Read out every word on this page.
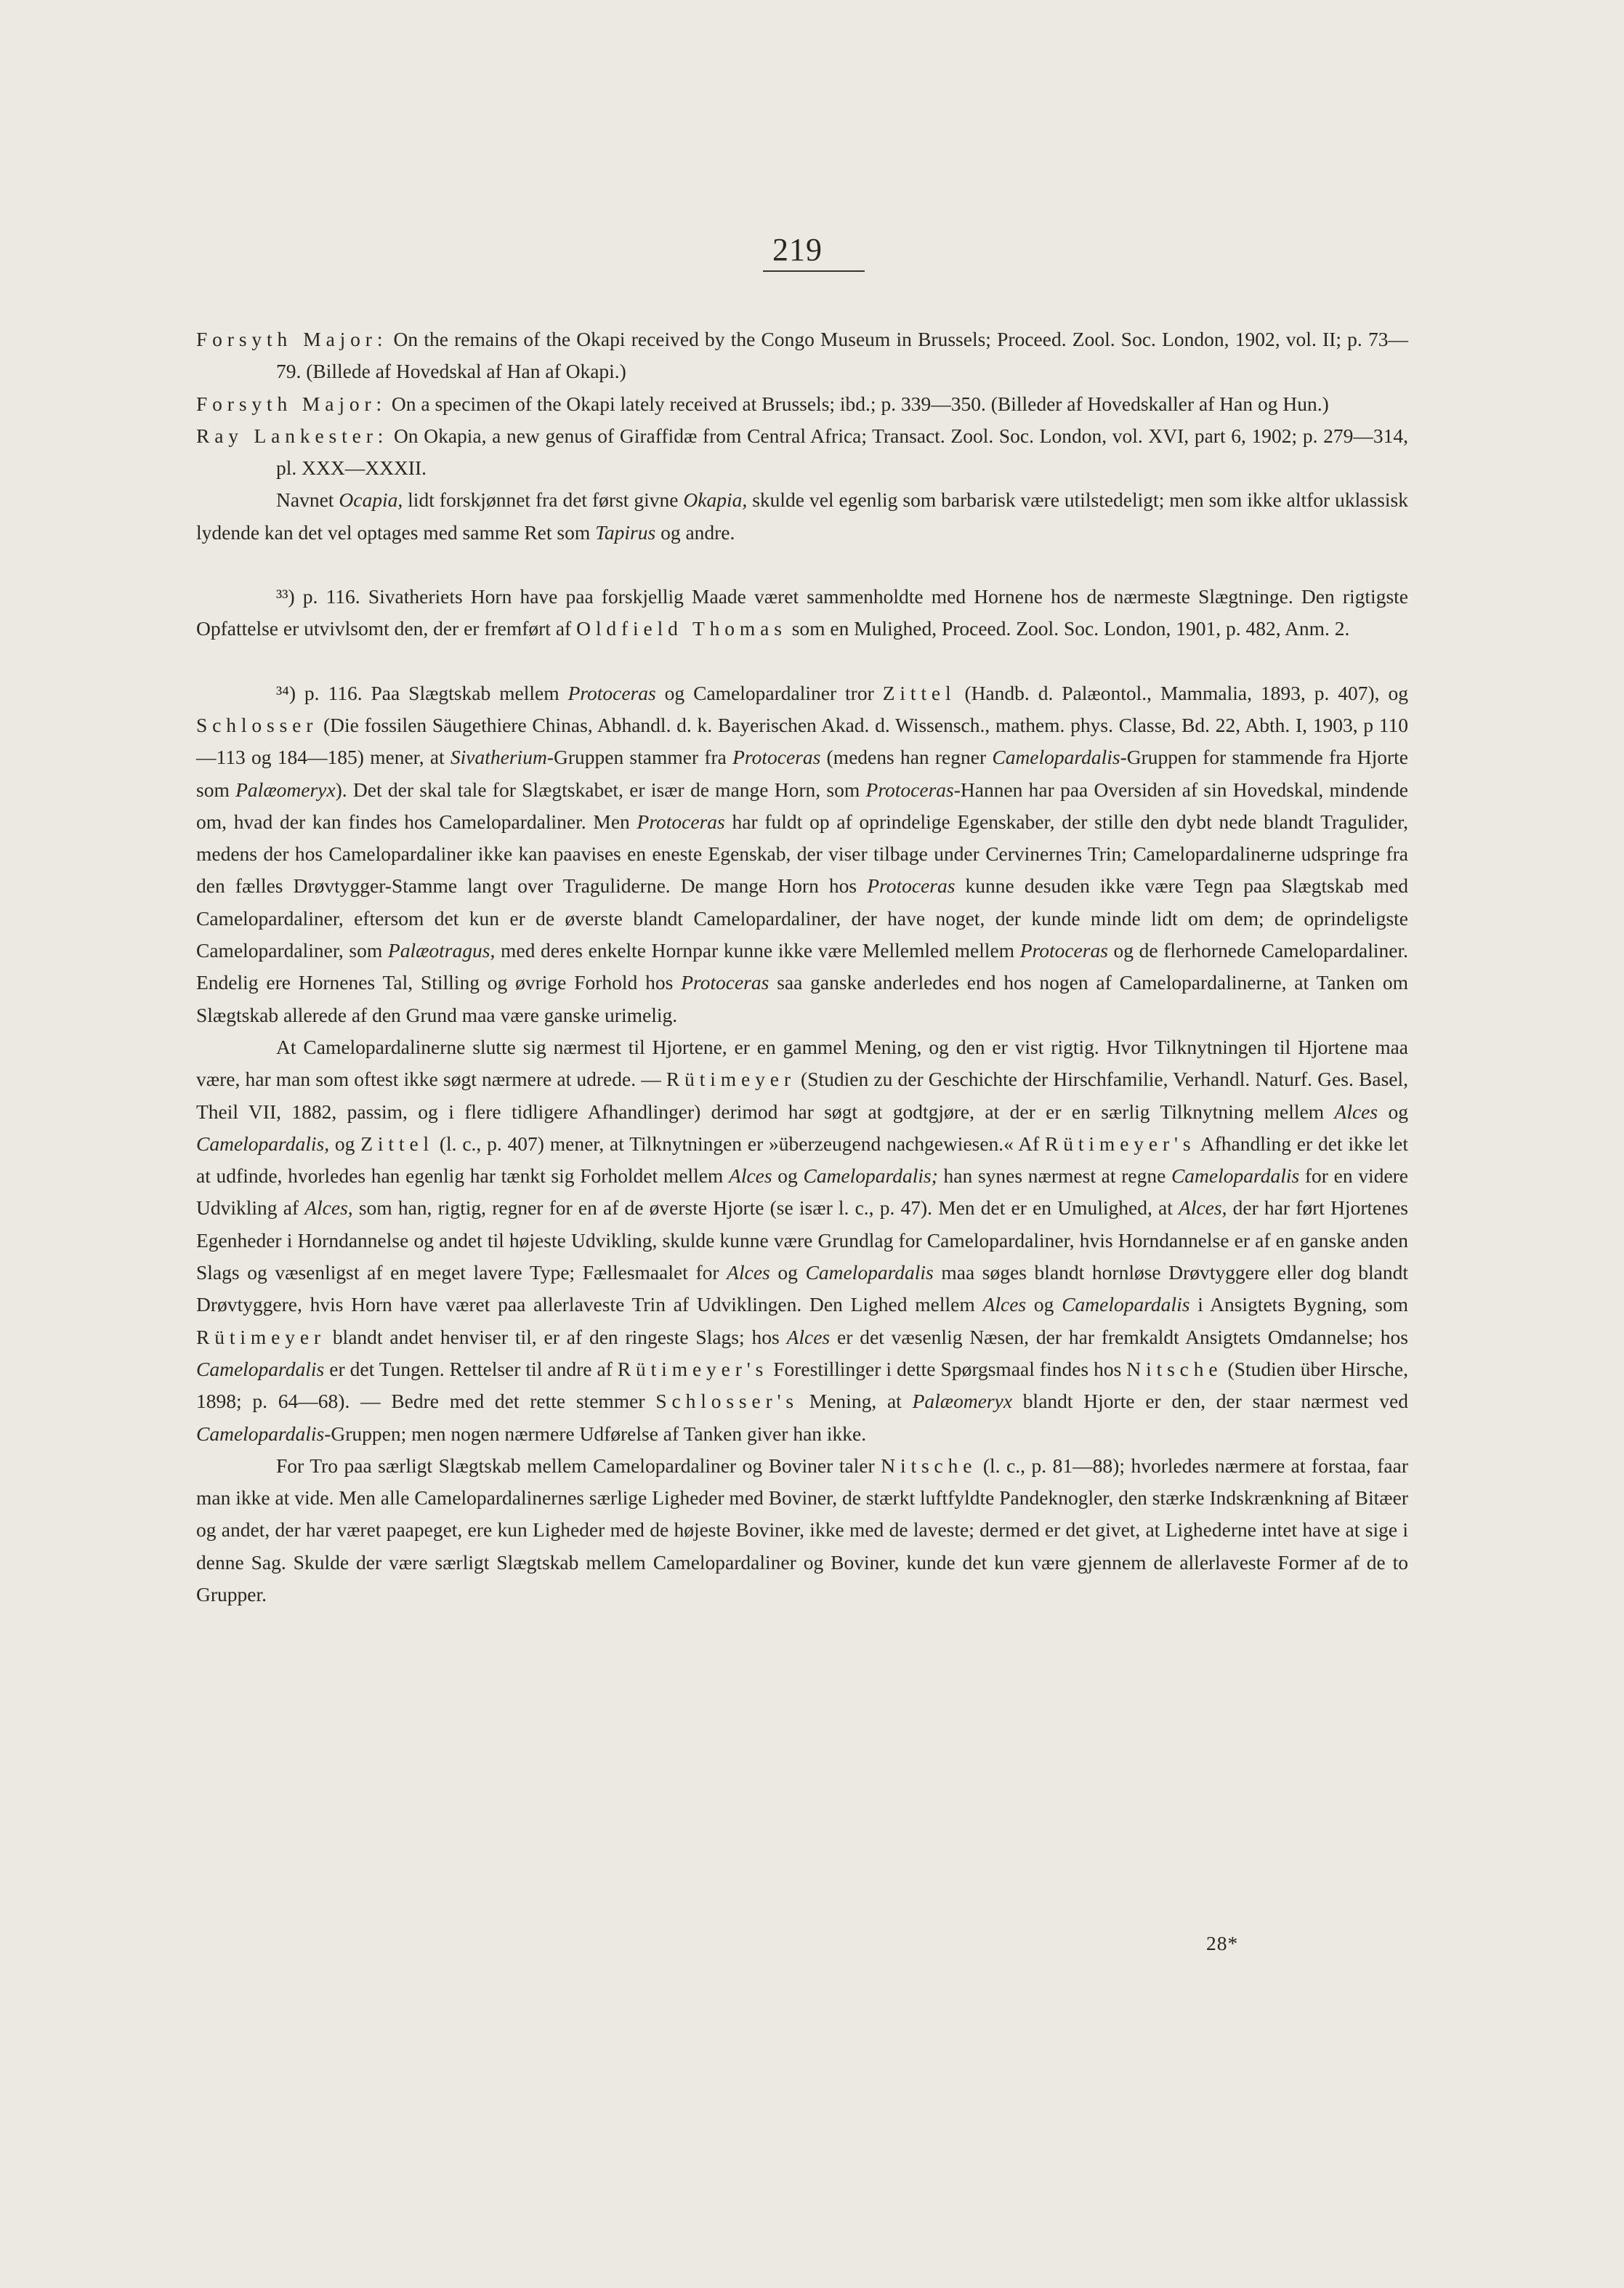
219

Forsyth Major: On the remains of the Okapi received by the Congo Museum in Brussels; Proceed. Zool. Soc. London, 1902, vol. II; p. 73—79. (Billede af Hovedskal af Han af Okapi.)

Forsyth Major: On a specimen of the Okapi lately received at Brussels; ibd.; p. 339—350. (Billeder af Hovedskaller af Han og Hun.)

Ray Lankester: On Okapia, a new genus of Giraffidæ from Central Africa; Transact. Zool. Soc. London, vol. XVI, part 6, 1902; p. 279—314, pl. XXX—XXXII.

Navnet Ocapia, lidt forskjønnet fra det først givne Okapia, skulde vel egenlig som barbarisk være utilstedeligt; men som ikke altfor uklassisk lydende kan det vel optages med samme Ret som Tapirus og andre.

³³) p. 116. Sivatheriets Horn have paa forskjellig Maade været sammenholdte med Hornene hos de nærmeste Slægtninge. Den rigtigste Opfattelse er utvivlsomt den, der er fremført af Oldfield Thomas som en Mulighed, Proceed. Zool. Soc. London, 1901, p. 482, Anm. 2.

³⁴) p. 116. Paa Slægtskab mellem Protoceras og Camelopardaliner tror Zittel (Handb. d. Palæontol., Mammalia, 1893, p. 407), og Schlosser (Die fossilen Säugethiere Chinas, Abhandl. d. k. Bayerischen Akad. d. Wissensch., mathem. phys. Classe, Bd. 22, Abth. I, 1903, p 110—113 og 184—185) mener, at Sivatherium-Gruppen stammer fra Protoceras (medens han regner Camelopardalis-Gruppen for stammende fra Hjorte som Palæomeryx). Det der skal tale for Slægtskabet, er især de mange Horn, som Protoceras-Hannen har paa Oversiden af sin Hovedskal, mindende om, hvad der kan findes hos Camelopardaliner. Men Protoceras har fuldt op af oprindelige Egenskaber, der stille den dybt nede blandt Tragulider, medens der hos Camelopardaliner ikke kan paavises en eneste Egenskab, der viser tilbage under Cervinernes Trin; Camelopardalinerne udspringe fra den fælles Drøvtygger-Stamme langt over Traguliderne. De mange Horn hos Protoceras kunne desuden ikke være Tegn paa Slægtskab med Camelopardaliner, eftersom det kun er de øverste blandt Camelopardaliner, der have noget, der kunde minde lidt om dem; de oprindeligste Camelopardaliner, som Palæotragus, med deres enkelte Hornpar kunne ikke være Mellemled mellem Protoceras og de flerhornede Camelopardaliner. Endelig ere Hornenes Tal, Stilling og øvrige Forhold hos Protoceras saa ganske anderledes end hos nogen af Camelopardalinerne, at Tanken om Slægtskab allerede af den Grund maa være ganske urimelig.

At Camelopardalinerne slutte sig nærmest til Hjortene, er en gammel Mening, og den er vist rigtig. Hvor Tilknytningen til Hjortene maa være, har man som oftest ikke søgt nærmere at udrede. — Rütimeyer (Studien zu der Geschichte der Hirschfamilie, Verhandl. Naturf. Ges. Basel, Theil VII, 1882, passim, og i flere tidligere Afhandlinger) derimod har søgt at godtgjøre, at der er en særlig Tilknytning mellem Alces og Camelopardalis, og Zittel (l. c., p. 407) mener, at Tilknytningen er »überzeugend nachgewiesen.« Af Rütimeyer's Afhandling er det ikke let at udfinde, hvorledes han egenlig har tænkt sig Forholdet mellem Alces og Camelopardalis; han synes nærmest at regne Camelopardalis for en videre Udvikling af Alces, som han, rigtig, regner for en af de øverste Hjorte (se især l. c., p. 47). Men det er en Umulighed, at Alces, der har ført Hjortenes Egenheder i Horndannelse og andet til højeste Udvikling, skulde kunne være Grundlag for Camelopardaliner, hvis Horndannelse er af en ganske anden Slags og væsenligst af en meget lavere Type; Fællesmaalet for Alces og Camelopardalis maa søges blandt hornløse Drøvtyggere eller dog blandt Drøvtyggere, hvis Horn have været paa allerlaveste Trin af Udviklingen. Den Lighed mellem Alces og Camelopardalis i Ansigtets Bygning, som Rütimeyer blandt andet henviser til, er af den ringeste Slags; hos Alces er det væsenlig Næsen, der har fremkaldt Ansigtets Omdannelse; hos Camelopardalis er det Tungen. Rettelser til andre af Rütimeyer's Forestillinger i dette Spørgsmaal findes hos Nitsche (Studien über Hirsche, 1898; p. 64—68). — Bedre med det rette stemmer Schlosser's Mening, at Palæomeryx blandt Hjorte er den, der staar nærmest ved Camelopardalis-Gruppen; men nogen nærmere Udførelse af Tanken giver han ikke.

For Tro paa særligt Slægtskab mellem Camelopardaliner og Boviner taler Nitsche (l. c., p. 81—88); hvorledes nærmere at forstaa, faar man ikke at vide. Men alle Camelopardalinernes særlige Ligheder med Boviner, de stærkt luftfyldte Pandeknogler, den stærke Indskrænkning af Bitæer og andet, der har været paapeget, ere kun Ligheder med de højeste Boviner, ikke med de laveste; dermed er det givet, at Lighederne intet have at sige i denne Sag. Skulde der være særligt Slægtskab mellem Camelopardaliner og Boviner, kunde det kun være gjennem de allerlaveste Former af de to Grupper.

28*
